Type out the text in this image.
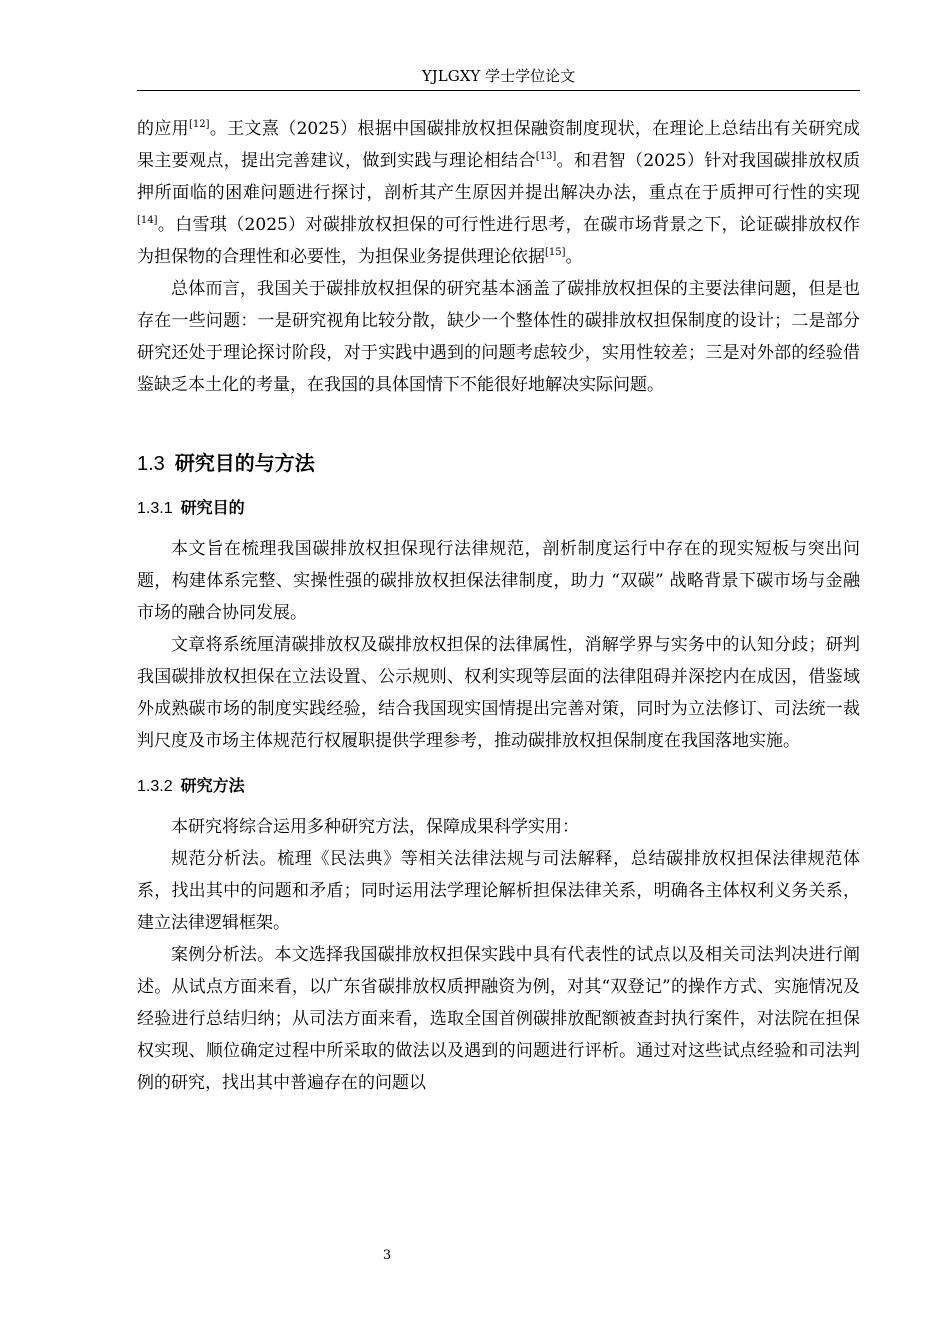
YJLGXY 学士学位论文

的应用[12]。王文熹（2025）根据中国碳排放权担保融资制度现状，在理论上总结出有关研究成果主要观点，提出完善建议，做到实践与理论相结合[13]。和君智（2025）针对我国碳排放权质押所面临的困难问题进行探讨，剖析其产生原因并提出解决办法，重点在于质押可行性的实现[14]。白雪琪（2025）对碳排放权担保的可行性进行思考，在碳市场背景之下，论证碳排放权作为担保物的合理性和必要性，为担保业务提供理论依据[15]。

总体而言，我国关于碳排放权担保的研究基本涵盖了碳排放权担保的主要法律问题，但是也存在一些问题：一是研究视角比较分散，缺少一个整体性的碳排放权担保制度的设计；二是部分研究还处于理论探讨阶段，对于实践中遇到的问题考虑较少，实用性较差；三是对外部的经验借鉴缺乏本土化的考量，在我国的具体国情下不能很好地解决实际问题。

1.3 研究目的与方法
1.3.1 研究目的

本文旨在梳理我国碳排放权担保现行法律规范，剖析制度运行中存在的现实短板与突出问题，构建体系完整、实操性强的碳排放权担保法律制度，助力 “双碳” 战略背景下碳市场与金融市场的融合协同发展。

文章将系统厘清碳排放权及碳排放权担保的法律属性，消解学界与实务中的认知分歧；研判我国碳排放权担保在立法设置、公示规则、权利实现等层面的法律阻碍并深挖内在成因，借鉴域外成熟碳市场的制度实践经验，结合我国现实国情提出完善对策，同时为立法修订、司法统一裁判尺度及市场主体规范行权履职提供学理参考，推动碳排放权担保制度在我国落地实施。

1.3.2 研究方法

本研究将综合运用多种研究方法，保障成果科学实用：

规范分析法。梳理《民法典》等相关法律法规与司法解释，总结碳排放权担保法律规范体系，找出其中的问题和矛盾；同时运用法学理论解析担保法律关系，明确各主体权利义务关系，建立法律逻辑框架。

案例分析法。本文选择我国碳排放权担保实践中具有代表性的试点以及相关司法判决进行阐述。从试点方面来看，以广东省碳排放权质押融资为例，对其“双登记”的操作方式、实施情况及经验进行总结归纳；从司法方面来看，选取全国首例碳排放配额被查封执行案件，对法院在担保权实现、顺位确定过程中所采取的做法以及遇到的问题进行评析。通过对这些试点经验和司法判例的研究，找出其中普遍存在的问题以

3
